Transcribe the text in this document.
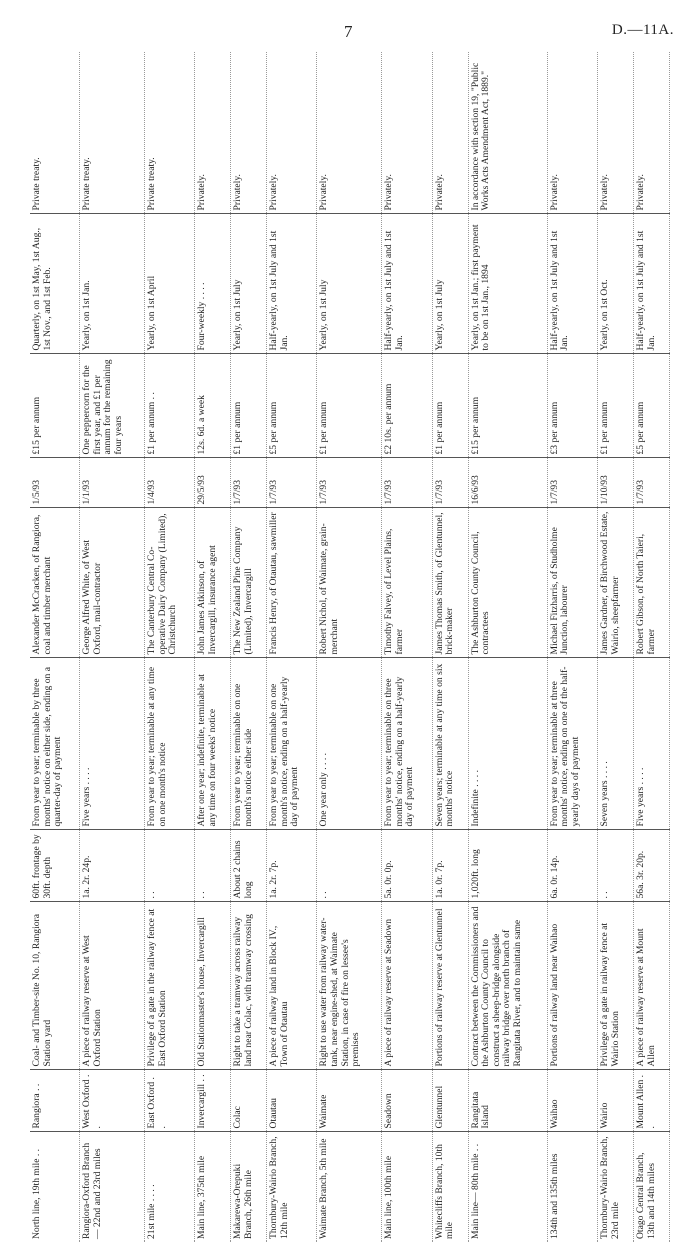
7	D.—11A.
North line, 19th mile . .	Rangiora . .	Coal- and Timber-site No. 10, Rangiora Station yard	60ft. frontage by 30ft. depth	From year to year; terminable by three months' notice on either side, ending on a quarter-day of payment	Alexander McCracken, of Rangiora, coal and timber merchant	1/5/93	£15 per annum	Quarterly, on 1st May, 1st Aug., 1st Nov., and 1st Feb.	Private treaty.
Rangiora-Oxford Branch— 22nd and 23rd miles	West Oxford . .	A piece of railway reserve at West Oxford Station	1a. 2r. 24p.	Five years . . . .	George Alfred White, of West Oxford, mail-contractor	1/1/93	One peppercorn for the first year, and £1 per annum for the remaining four years	Yearly, on 1st Jan.	Private treaty.
21st mile . . . .	East Oxford . .	Privilege of a gate in the railway fence at East Oxford Station	. .	From year to year; terminable at any time on one month's notice	The Canterbury Central Co-operative Dairy Company (Limited), Christchurch	1/4/93	£1 per annum . .	Yearly, on 1st April	Private treaty.
Main line, 375th mile	Invercargill . .	Old Stationmaster's house, Invercargill	. .	After one year; indefinite, terminable at any time on four weeks' notice	John James Atkinson, of Invercargill, insurance agent	29/5/93	12s. 6d. a week	Four-weekly . . . .	Privately.
Makarewa-Orepuki Branch, 26th mile	Colac	Right to take a tramway across railway land near Colac, with tramway crossing	About 2 chains long	From year to year; terminable on one month's notice either side	The New Zealand Pine Company (Limited), Invercargill	1/7/93	£1 per annum	Yearly, on 1st July	Privately.
Thornbury-Wairio Branch, 12th mile	Otautau	A piece of railway land in Block IV., Town of Otautau	1a. 2r. 7p.	From year to year; terminable on one month's notice, ending on a half-yearly day of payment	Francis Henry, of Otautau, sawmiller	1/7/93	£5 per annum	Half-yearly, on 1st July and 1st Jan.	Privately.
Waimate Branch, 5th mile	Waimate	Right to use water from railway water-tank, near engine-shed, at Waimate Station, in case of fire on lessee's premises	. .	One year only . . . .	Robert Nichol, of Waimate, grain-merchant	1/7/93	£1 per annum	Yearly, on 1st July	Privately.
Main line, 100th mile	Seadown	A piece of railway reserve at Seadown	5a. 0r. 0p.	From year to year; terminable on three months' notice, ending on a half-yearly day of payment	Timothy Falvey, of Level Plains, farmer	1/7/93	£2 10s. per annum	Half-yearly, on 1st July and 1st Jan.	Privately.
Whitecliffs Branch, 10th mile	Glentunnel	Portions of railway reserve at Glentunnel	1a. 0r. 7p.	Seven years; terminable at any time on six months' notice	James Thomas Smith, of Glentunnel, brick-maker	1/7/93	£1 per annum	Yearly, on 1st July	Privately.
Main line— 80th mile . .	Rangitata Island	Contract between the Commissioners and the Ashburton County Council to construct a sheep-bridge alongside railway bridge over north branch of Rangitata River, and to maintain same	1,020ft. long	Indefinite . . . .	The Ashburton County Council, contractees	16/6/93	£15 per annum	Yearly, on 1st Jan.; first payment to be on 1st Jan., 1894	In accordance with section 19, "Public Works Acts Amendment Act, 1889."
134th and 135th miles	Waihao	Portions of railway land near Waihao	6a. 0r. 14p.	From year to year; terminable at three months' notice, ending on one of the half-yearly days of payment	Michael Fitzharris, of Studholme Junction, labourer	1/7/93	£3 per annum	Half-yearly, on 1st July and 1st Jan.	Privately.
Thornbury-Wairio Branch, 23rd mile	Wairio	Privilege of a gate in railway fence at Wairio Station	. .	Seven years . . . .	James Gardner, of Birchwood Estate, Wairio, sheepfarmer	1/10/93	£1 per annum	Yearly, on 1st Oct.	Privately.
Otago Central Branch, 13th and 14th miles	Mount Allen . .	A piece of railway reserve at Mount Allen	56a. 3r. 20p.	Five years . . . .	Robert Gibson, of North Taieri, farmer	1/7/93	£5 per annum	Half-yearly, on 1st July and 1st Jan.	Privately.
